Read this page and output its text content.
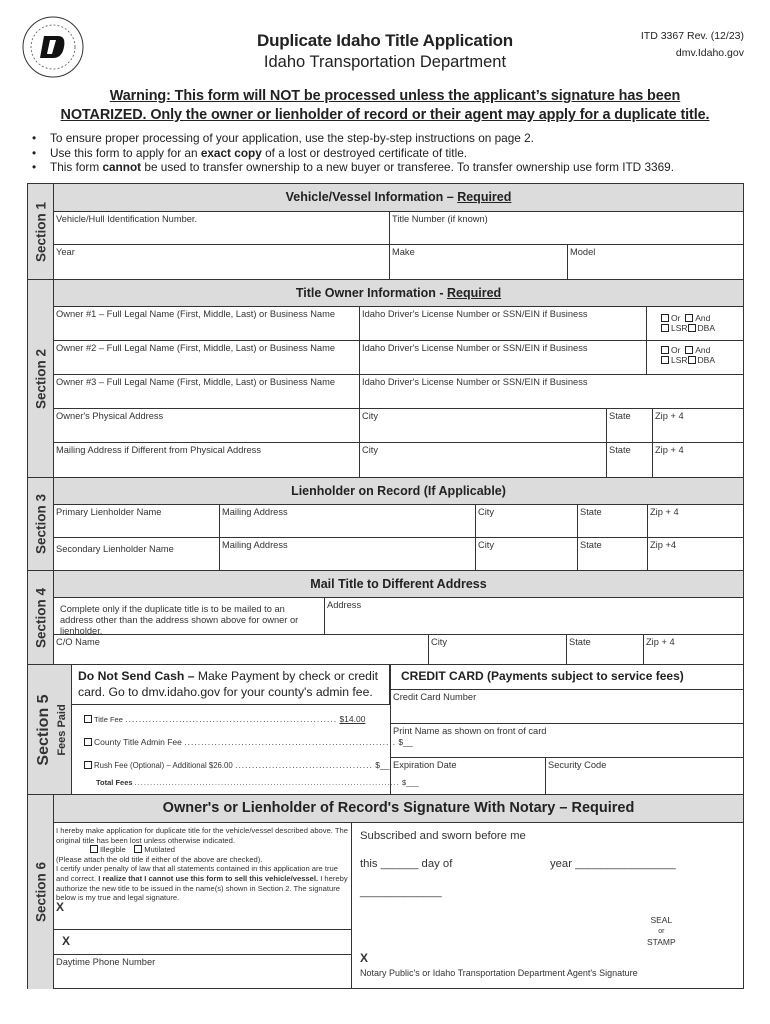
Duplicate Idaho Title Application
Idaho Transportation Department
ITD 3367 Rev. (12/23)
dmv.Idaho.gov
Warning: This form will NOT be processed unless the applicant’s signature has been
NOTARIZED. Only the owner or lienholder of record or their agent may apply for a duplicate title.
• To ensure proper processing of your application, use the step-by-step instructions on page 2.
• Use this form to apply for an exact copy of a lost or destroyed certificate of title.
• This form cannot be used to transfer ownership to a new buyer or transferee. To transfer ownership use form ITD 3369.
Section 1
Vehicle/Vessel Information – Required
Vehicle/Hull Identification Number.	Title Number (if known)
Year	Make	Model
Section 2
Title Owner Information - Required
Owner #1 – Full Legal Name (First, Middle, Last) or Business Name	Idaho Driver's License Number or SSN/EIN if Business	Or And
LSR DBA
Owner #2 – Full Legal Name (First, Middle, Last) or Business Name	Idaho Driver's License Number or SSN/EIN if Business	Or And
LSR DBA
Owner #3 – Full Legal Name (First, Middle, Last) or Business Name	Idaho Driver's License Number or SSN/EIN if Business
Owner's Physical Address	City	State	Zip + 4
Mailing Address if Different from Physical Address	City	State	Zip + 4
Section 3
Lienholder on Record (If Applicable)
Primary Lienholder Name	Mailing Address	City	State	Zip + 4
Secondary Lienholder Name	Mailing Address	City	State	Zip +4
Section 4
Mail Title to Different Address
Complete only if the duplicate title is to be mailed to an address other than the address shown above for owner or lienholder.
Address
C/O Name	City	State	Zip + 4
Section 5 Fees Paid
Do Not Send Cash – Make Payment by check or credit card. Go to dmv.idaho.gov for your county's admin fee.
Title Fee ............................................................... $14.00
County Title Admin Fee ............................................................... $__
Rush Fee (Optional) – Additional $26.00 ......................................... $__
Total Fees ...................................................................................... $___
CREDIT CARD (Payments subject to service fees)
Credit Card Number
Print Name as shown on front of card
Expiration Date	Security Code
Section 6
Owner's or Lienholder of Record's Signature With Notary – Required
I hereby make application for duplicate title for the vehicle/vessel described above. The original title has been lost unless otherwise indicated.
Illegible Mutilated
(Please attach the old title if either of the above are checked).
I certify under penalty of law that all statements contained in this application are true and correct. I realize that I cannot use this form to sell this vehicle/vessel. I hereby authorize the new title to be issued in the name(s) shown in Section 2. The signature below is my true and legal signature.
X
X
Daytime Phone Number
Subscribed and sworn before me
this ______ day of	year ________________
_____________
SEAL
or
STAMP
X
Notary Public's or Idaho Transportation Department Agent's Signature
